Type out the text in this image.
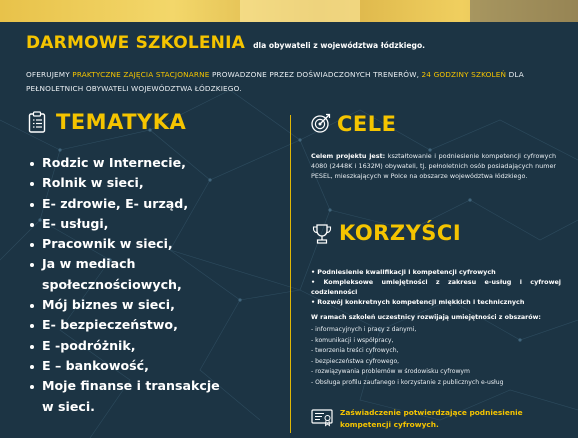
DARMOWE SZKOLENIA dla obywateli z województwa łódzkiego.
OFERUJEMY PRAKTYCZNE ZAJĘCIA STACJONARNE PROWADZONE PRZEZ DOŚWIADCZONYCH TRENERÓW, 24 GODZINY SZKOLEŃ DLA PEŁNOLETNICH OBYWATELI WOJEWÓDZTWA ŁÓDZKIEGO.
TEMATYKA
Rodzic w Internecie,
Rolnik w sieci,
E- zdrowie, E- urząd,
E- usługi,
Pracownik w sieci,
Ja w mediach społecznościowych,
Mój biznes w sieci,
E- bezpieczeństwo,
E -podróżnik,
E – bankowość,
Moje finanse i transakcje w sieci.
CELE
Celem projektu jest: kształtowanie i podniesienie kompetencji cyfrowych 4080 (2448K i 1632M) obywateli, tj. pełnoletnich osób posiadających numer PESEL, mieszkających w Polce na obszarze województwa łódzkiego.
KORZYŚCI
• Podniesienie kwalifikacji i kompetencji cyfrowych
• Kompleksowe umiejętności z zakresu e-usług i cyfrowej codzienności
• Rozwój konkretnych kompetencji miękkich i technicznych
W ramach szkoleń uczestnicy rozwijają umiejętności z obszarów:
- informacyjnych i pracy z danymi,
- komunikacji i współpracy,
- tworzenia treści cyfrowych,
- bezpieczeństwa cyfrowego,
- rozwiązywania problemów w środowisku cyfrowym
- Obsługa profilu zaufanego i korzystanie z publicznych e-usług
Zaświadczenie potwierdzające podniesienie kompetencji cyfrowych.
